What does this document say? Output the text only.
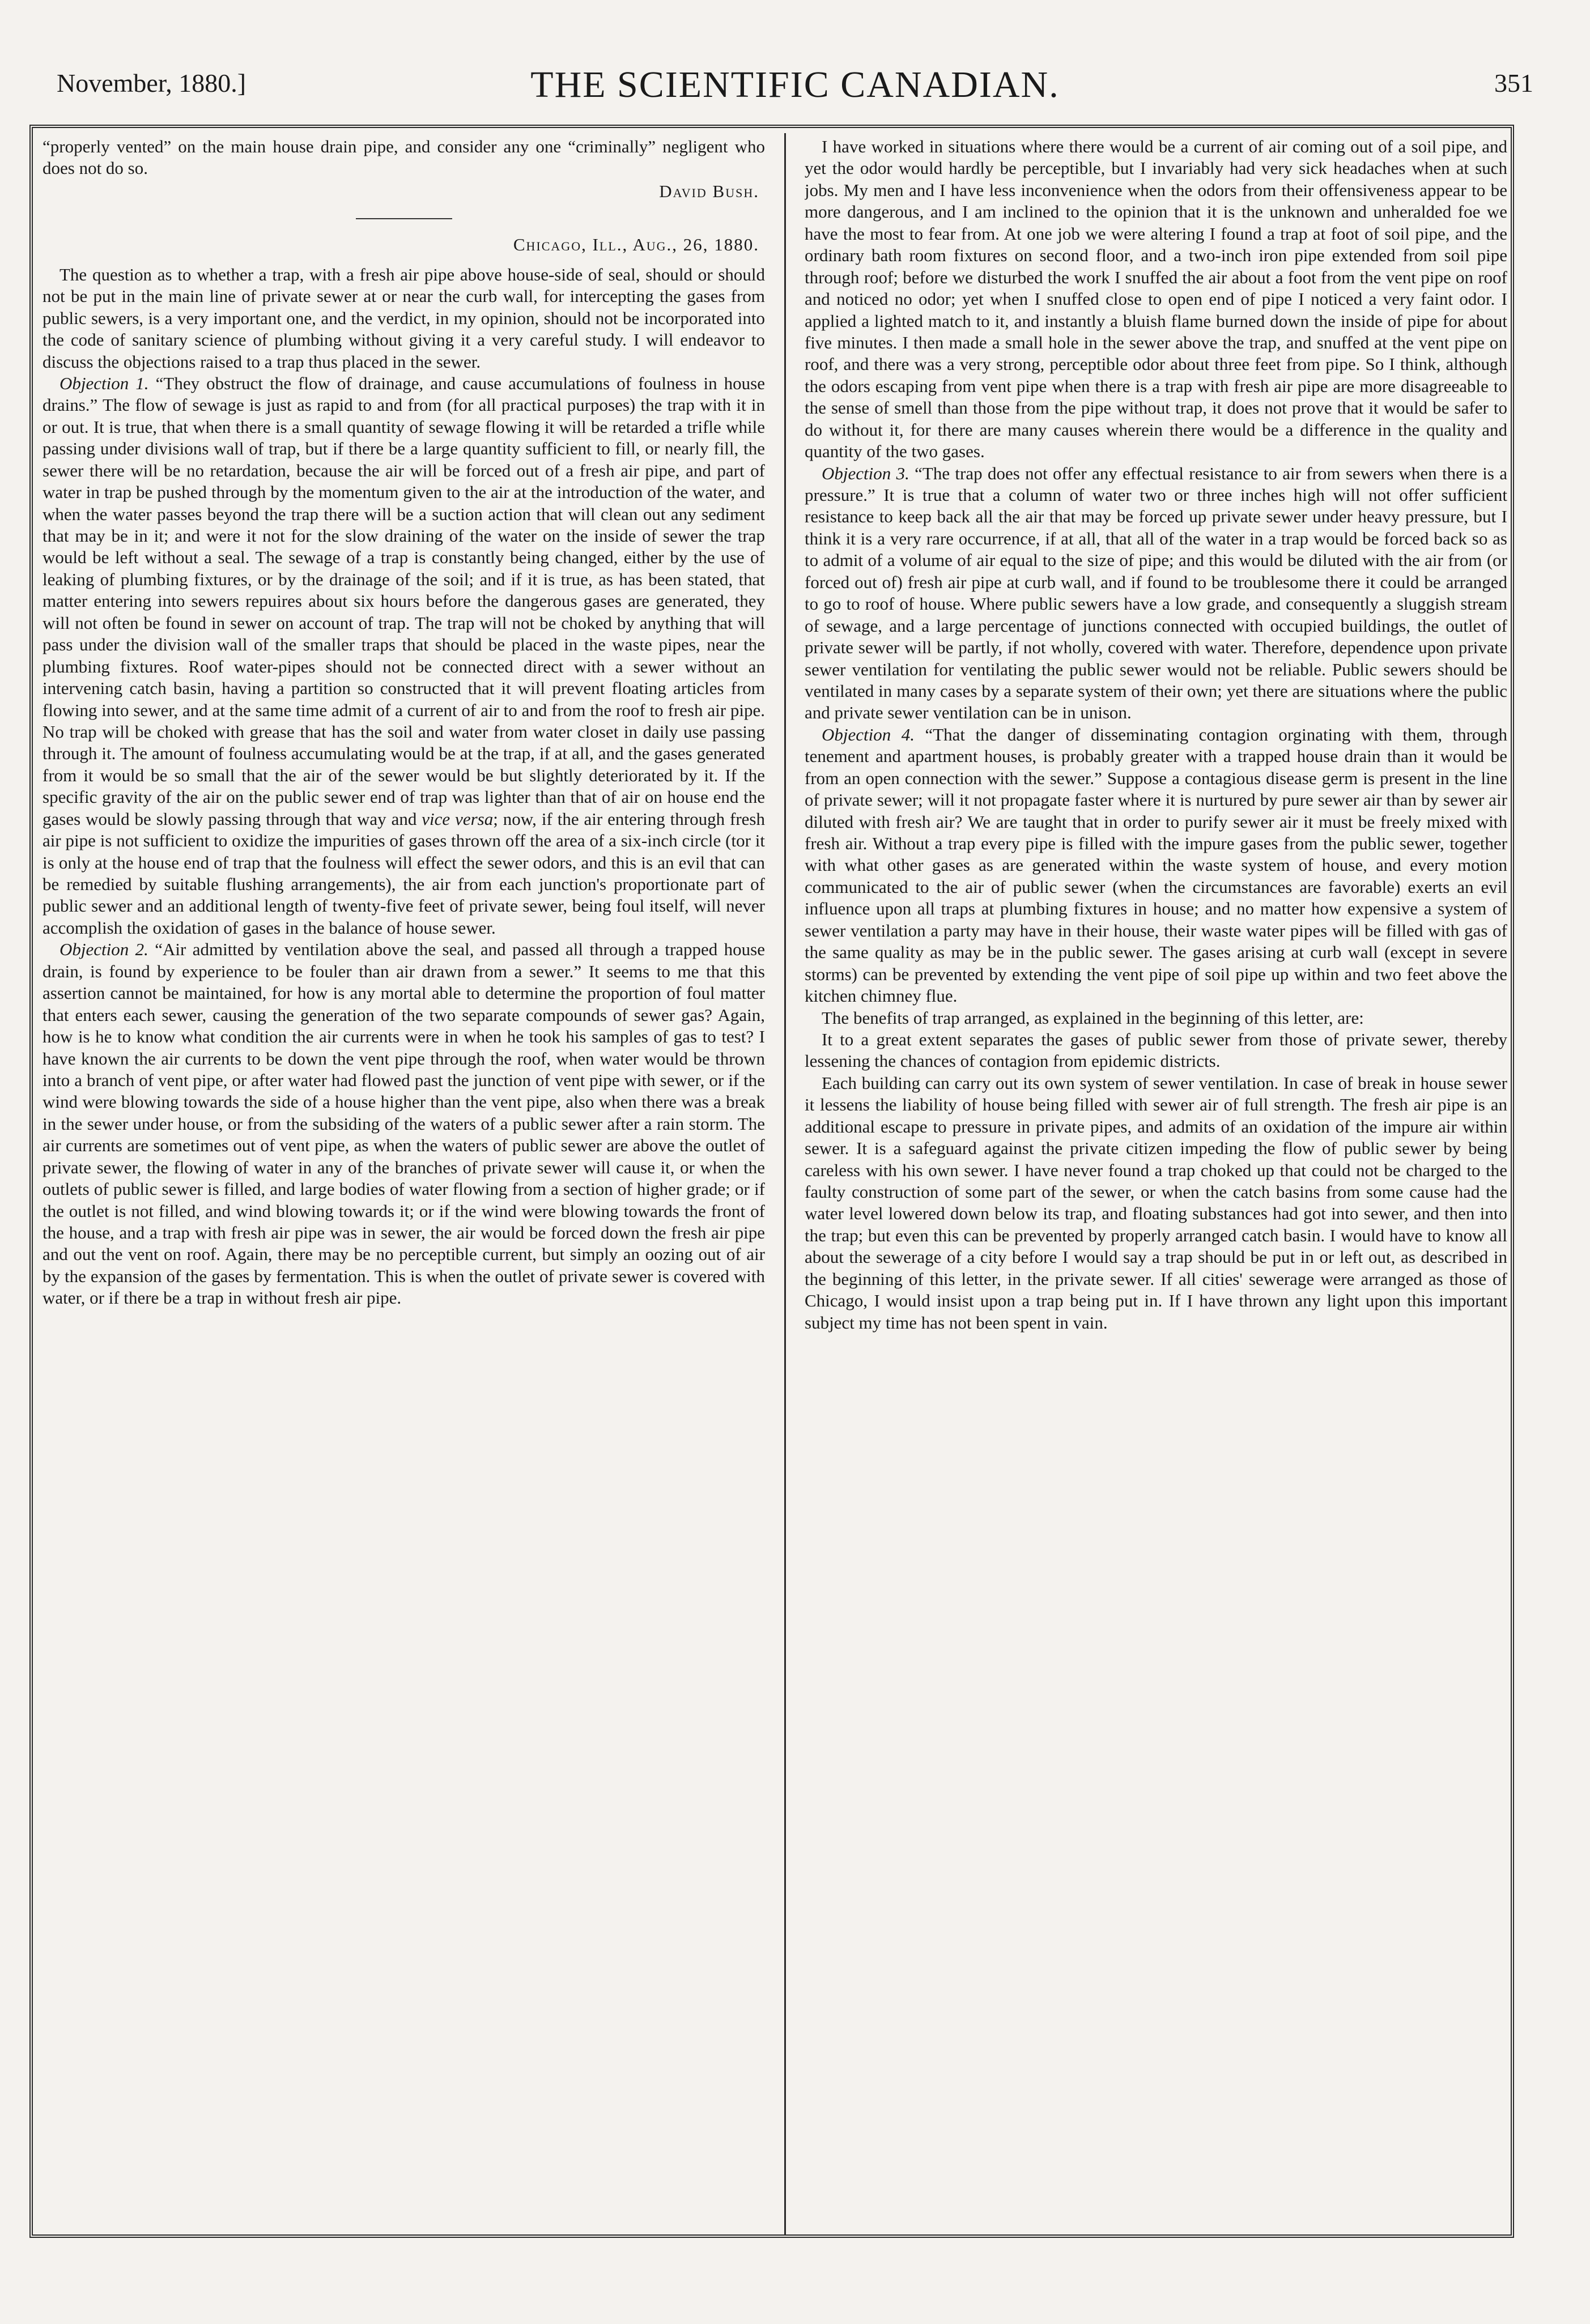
November, 1880.]	THE SCIENTIFIC CANADIAN.	351

“properly vented” on the main house drain pipe, and consider any one “criminally” negligent who does not do so.

David Bush.
Chicago, Ill., Aug., 26, 1880.

The question as to whether a trap, with a fresh air pipe above house-side of seal, should or should not be put in the main line of private sewer at or near the curb wall, for intercepting the gases from public sewers, is a very important one, and the verdict, in my opinion, should not be incorporated into the code of sanitary science of plumbing without giving it a very careful study. I will endeavor to discuss the objections raised to a trap thus placed in the sewer.

Objection 1. “They obstruct the flow of drainage, and cause accumulations of foulness in house drains.” The flow of sewage is just as rapid to and from (for all practical purposes) the trap with it in or out. It is true, that when there is a small quantity of sewage flowing it will be retarded a trifle while passing under divisions wall of trap, but if there be a large quantity sufficient to fill, or nearly fill, the sewer there will be no retardation, because the air will be forced out of a fresh air pipe, and part of water in trap be pushed through by the momentum given to the air at the introduction of the water, and when the water passes beyond the trap there will be a suction action that will clean out any sediment that may be in it; and were it not for the slow draining of the water on the inside of sewer the trap would be left without a seal. The sewage of a trap is constantly being changed, either by the use of leaking of plumbing fixtures, or by the drainage of the soil; and if it is true, as has been stated, that matter entering into sewers repuires about six hours before the dangerous gases are generated, they will not often be found in sewer on account of trap. The trap will not be choked by anything that will pass under the division wall of the smaller traps that should be placed in the waste pipes, near the plumbing fixtures. Roof water-pipes should not be connected direct with a sewer without an intervening catch basin, having a partition so constructed that it will prevent floating articles from flowing into sewer, and at the same time admit of a current of air to and from the roof to fresh air pipe. No trap will be choked with grease that has the soil and water from water closet in daily use passing through it. The amount of foulness accumulating would be at the trap, if at all, and the gases generated from it would be so small that the air of the sewer would be but slightly deteriorated by it. If the specific gravity of the air on the public sewer end of trap was lighter than that of air on house end the gases would be slowly passing through that way and vice versa; now, if the air entering through fresh air pipe is not sufficient to oxidize the impurities of gases thrown off the area of a six-inch circle (tor it is only at the house end of trap that the foulness will effect the sewer odors, and this is an evil that can be remedied by suitable flushing arrangements), the air from each junction's proportionate part of public sewer and an additional length of twenty-five feet of private sewer, being foul itself, will never accomplish the oxidation of gases in the balance of house sewer.

Objection 2. “Air admitted by ventilation above the seal, and passed all through a trapped house drain, is found by experience to be fouler than air drawn from a sewer.” It seems to me that this assertion cannot be maintained, for how is any mortal able to determine the proportion of foul matter that enters each sewer, causing the generation of the two separate compounds of sewer gas? Again, how is he to know what condition the air currents were in when he took his samples of gas to test? I have known the air currents to be down the vent pipe through the roof, when water would be thrown into a branch of vent pipe, or after water had flowed past the junction of vent pipe with sewer, or if the wind were blowing towards the side of a house higher than the vent pipe, also when there was a break in the sewer under house, or from the subsiding of the waters of a public sewer after a rain storm. The air currents are sometimes out of vent pipe, as when the waters of public sewer are above the outlet of private sewer, the flowing of water in any of the branches of private sewer will cause it, or when the outlets of public sewer is filled, and large bodies of water flowing from a section of higher grade; or if the outlet is not filled, and wind blowing towards it; or if the wind were blowing towards the front of the house, and a trap with fresh air pipe was in sewer, the air would be forced down the fresh air pipe and out the vent on roof. Again, there may be no perceptible current, but simply an oozing out of air by the expansion of the gases by fermentation. This is when the outlet of private sewer is covered with water, or if there be a trap in without fresh air pipe.

I have worked in situations where there would be a current of air coming out of a soil pipe, and yet the odor would hardly be perceptible, but I invariably had very sick headaches when at such jobs. My men and I have less inconvenience when the odors from their offensiveness appear to be more dangerous, and I am inclined to the opinion that it is the unknown and unheralded foe we have the most to fear from. At one job we were altering I found a trap at foot of soil pipe, and the ordinary bath room fixtures on second floor, and a two-inch iron pipe extended from soil pipe through roof; before we disturbed the work I snuffed the air about a foot from the vent pipe on roof and noticed no odor; yet when I snuffed close to open end of pipe I noticed a very faint odor. I applied a lighted match to it, and instantly a bluish flame burned down the inside of pipe for about five minutes. I then made a small hole in the sewer above the trap, and snuffed at the vent pipe on roof, and there was a very strong, perceptible odor about three feet from pipe. So I think, although the odors escaping from vent pipe when there is a trap with fresh air pipe are more disagreeable to the sense of smell than those from the pipe without trap, it does not prove that it would be safer to do without it, for there are many causes wherein there would be a difference in the quality and quantity of the two gases.

Objection 3. “The trap does not offer any effectual resistance to air from sewers when there is a pressure.” It is true that a column of water two or three inches high will not offer sufficient resistance to keep back all the air that may be forced up private sewer under heavy pressure, but I think it is a very rare occurrence, if at all, that all of the water in a trap would be forced back so as to admit of a volume of air equal to the size of pipe; and this would be diluted with the air from (or forced out of) fresh air pipe at curb wall, and if found to be troublesome there it could be arranged to go to roof of house. Where public sewers have a low grade, and consequently a sluggish stream of sewage, and a large percentage of junctions connected with occupied buildings, the outlet of private sewer will be partly, if not wholly, covered with water. Therefore, dependence upon private sewer ventilation for ventilating the public sewer would not be reliable. Public sewers should be ventilated in many cases by a separate system of their own; yet there are situations where the public and private sewer ventilation can be in unison.

Objection 4. “That the danger of disseminating contagion orginating with them, through tenement and apartment houses, is probably greater with a trapped house drain than it would be from an open connection with the sewer.” Suppose a contagious disease germ is present in the line of private sewer; will it not propagate faster where it is nurtured by pure sewer air than by sewer air diluted with fresh air? We are taught that in order to purify sewer air it must be freely mixed with fresh air. Without a trap every pipe is filled with the impure gases from the public sewer, together with what other gases as are generated within the waste system of house, and every motion communicated to the air of public sewer (when the circumstances are favorable) exerts an evil influence upon all traps at plumbing fixtures in house; and no matter how expensive a system of sewer ventilation a party may have in their house, their waste water pipes will be filled with gas of the same quality as may be in the public sewer. The gases arising at curb wall (except in severe storms) can be prevented by extending the vent pipe of soil pipe up within and two feet above the kitchen chimney flue.

The benefits of trap arranged, as explained in the beginning of this letter, are:

It to a great extent separates the gases of public sewer from those of private sewer, thereby lessening the chances of contagion from epidemic districts.

Each building can carry out its own system of sewer ventilation. In case of break in house sewer it lessens the liability of house being filled with sewer air of full strength. The fresh air pipe is an additional escape to pressure in private pipes, and admits of an oxidation of the impure air within sewer. It is a safeguard against the private citizen impeding the flow of public sewer by being careless with his own sewer. I have never found a trap choked up that could not be charged to the faulty construction of some part of the sewer, or when the catch basins from some cause had the water level lowered down below its trap, and floating substances had got into sewer, and then into the trap; but even this can be prevented by properly arranged catch basin. I would have to know all about the sewerage of a city before I would say a trap should be put in or left out, as described in the beginning of this letter, in the private sewer. If all cities' sewerage were arranged as those of Chicago, I would insist upon a trap being put in. If I have thrown any light upon this important subject my time has not been spent in vain.
